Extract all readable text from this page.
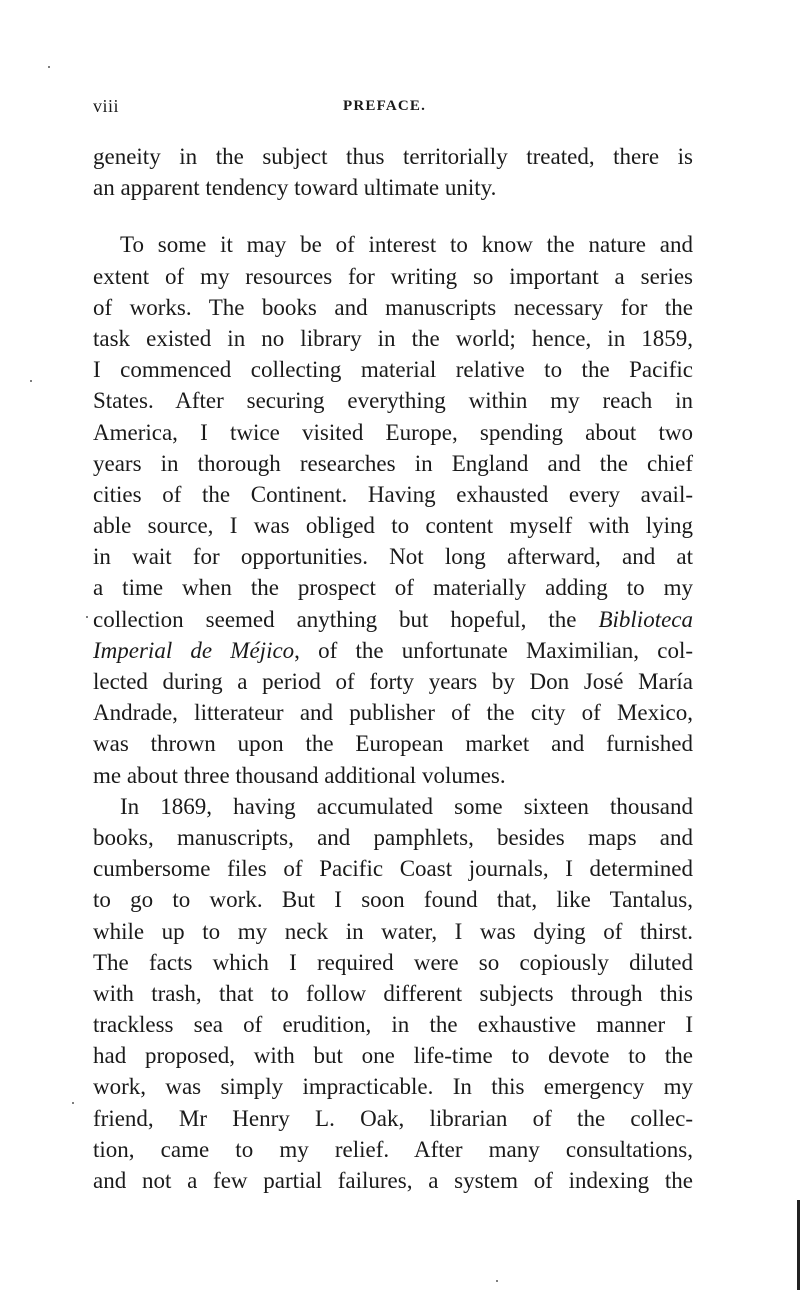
viii	PREFACE.
geneity in the subject thus territorially treated, there is
an apparent tendency toward ultimate unity.
To some it may be of interest to know the nature and
extent of my resources for writing so important a series
of works. The books and manuscripts necessary for the
task existed in no library in the world; hence, in 1859,
I commenced collecting material relative to the Pacific
States. After securing everything within my reach in
America, I twice visited Europe, spending about two
years in thorough researches in England and the chief
cities of the Continent. Having exhausted every avail-
able source, I was obliged to content myself with lying
in wait for opportunities. Not long afterward, and at
a time when the prospect of materially adding to my
collection seemed anything but hopeful, the Biblioteca
Imperial de Méjico, of the unfortunate Maximilian, col-
lected during a period of forty years by Don José María
Andrade, litterateur and publisher of the city of Mexico,
was thrown upon the European market and furnished
me about three thousand additional volumes.
In 1869, having accumulated some sixteen thousand
books, manuscripts, and pamphlets, besides maps and
cumbersome files of Pacific Coast journals, I determined
to go to work. But I soon found that, like Tantalus,
while up to my neck in water, I was dying of thirst.
The facts which I required were so copiously diluted
with trash, that to follow different subjects through this
trackless sea of erudition, in the exhaustive manner I
had proposed, with but one life-time to devote to the
work, was simply impracticable. In this emergency my
friend, Mr Henry L. Oak, librarian of the collec-
tion, came to my relief. After many consultations,
and not a few partial failures, a system of indexing the
